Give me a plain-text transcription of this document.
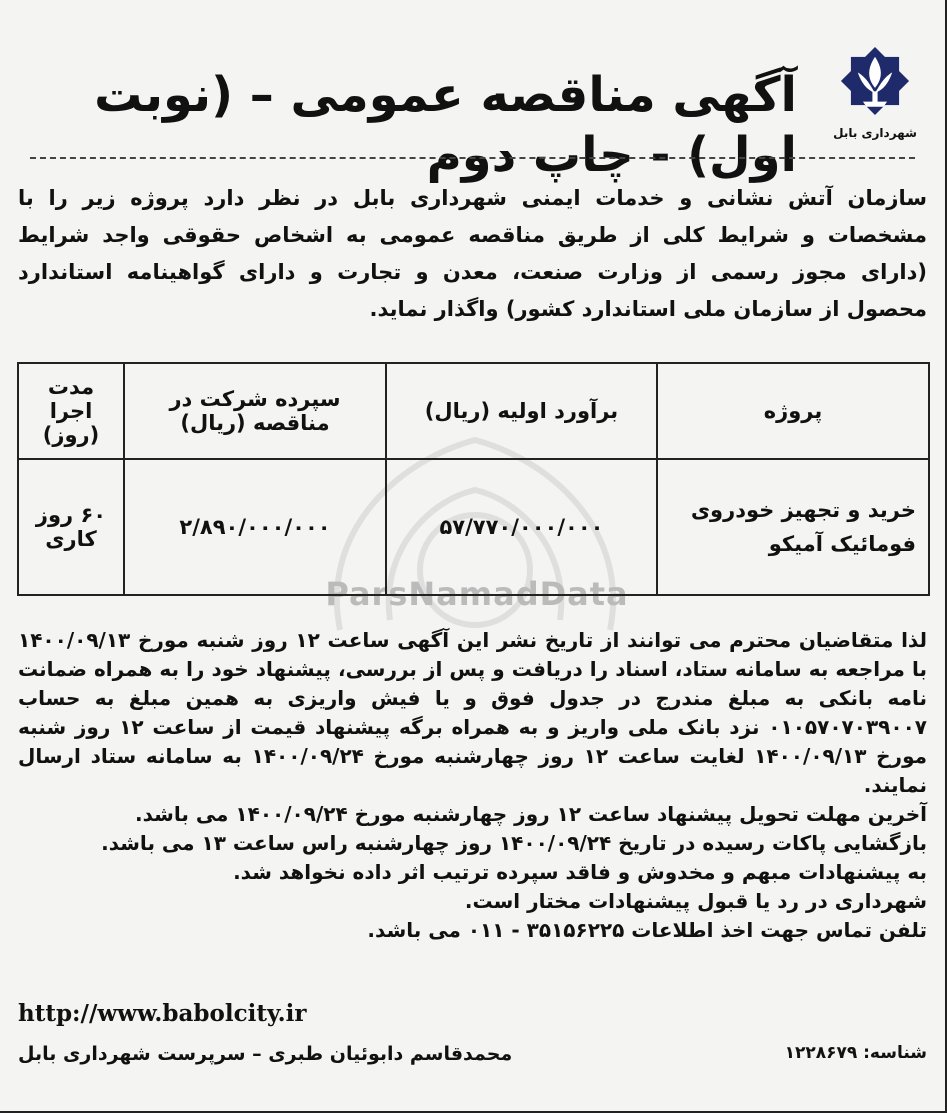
شهرداری بابل
آگهی مناقصه عمومی – (نوبت اول) - چاپ دوم
سازمان آتش نشانی و خدمات ایمنی شهرداری بابل در نظر دارد پروژه زیر را با مشخصات و شرایط کلی از طریق مناقصه عمومی به اشخاص حقوقی واجد شرایط (دارای مجوز رسمی از وزارت صنعت، معدن و تجارت و دارای گواهینامه استاندارد محصول از سازمان ملی استاندارد کشور) واگذار نماید.
ParsNamadData
پروژه	برآورد اولیه (ریال)	سپرده شرکت در مناقصه (ریال)	مدت اجرا (روز)
خرید و تجهیز خودروی فومائیک آمیکو	۵۷/۷۷۰/۰۰۰/۰۰۰	۲/۸۹۰/۰۰۰/۰۰۰	۶۰ روز کاری

لذا متقاضیان محترم می توانند از تاریخ نشر این آگهی ساعت ۱۲ روز شنبه مورخ ۱۴۰۰/۰۹/۱۳ با مراجعه به سامانه ستاد، اسناد را دریافت و پس از بررسی، پیشنهاد خود را به همراه ضمانت نامه بانکی به مبلغ مندرج در جدول فوق و یا فیش واریزی به همین مبلغ به حساب ۰۱۰۵۷۰۷۰۳۹۰۰۷ نزد بانک ملی واریز و به همراه برگه پیشنهاد قیمت از ساعت ۱۲ روز شنبه مورخ ۱۴۰۰/۰۹/۱۳ لغایت ساعت ۱۲ روز چهارشنبه مورخ ۱۴۰۰/۰۹/۲۴ به سامانه ستاد ارسال نمایند.

آخرین مهلت تحویل پیشنهاد ساعت ۱۲ روز چهارشنبه مورخ ۱۴۰۰/۰۹/۲۴ می باشد.

بازگشایی پاکات رسیده در تاریخ ۱۴۰۰/۰۹/۲۴ روز چهارشنبه راس ساعت ۱۳ می باشد.

به پیشنهادات مبهم و مخدوش و فاقد سپرده ترتیب اثر داده نخواهد شد.

شهرداری در رد یا قبول پیشنهادات مختار است.

تلفن تماس جهت اخذ اطلاعات ۳۵۱۵۶۲۲۵ - ۰۱۱ می باشد.

http://www.babolcity.ir
محمدقاسم دابوئیان طبری – سرپرست شهرداری بابل	شناسه: ۱۲۲۸۶۷۹
